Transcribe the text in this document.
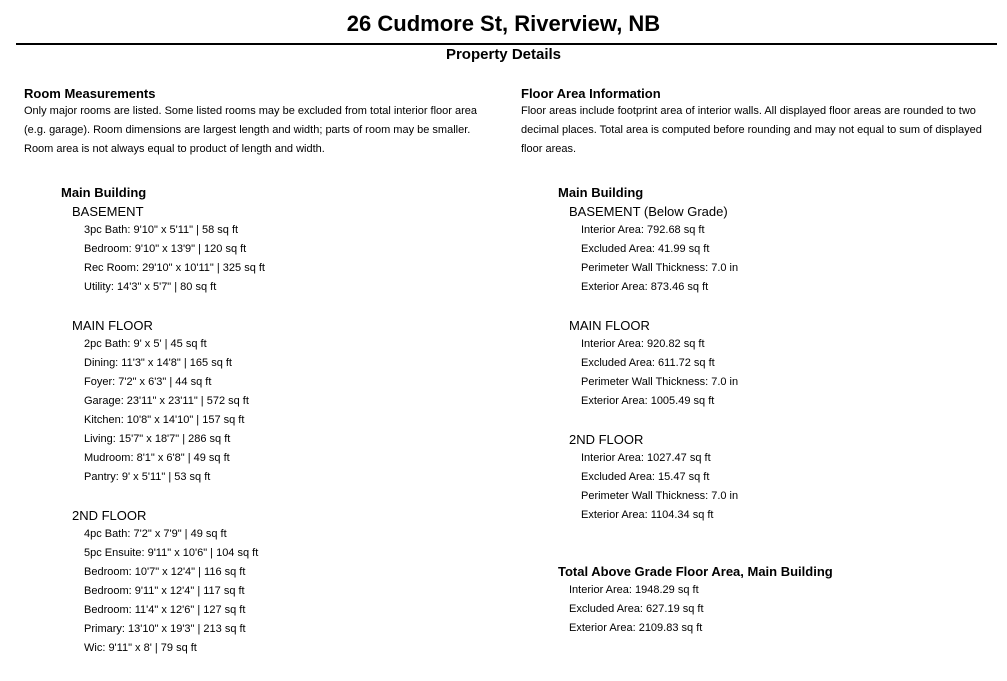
26 Cudmore St, Riverview, NB
Property Details
Room Measurements
Only major rooms are listed. Some listed rooms may be excluded from total interior floor area
(e.g. garage). Room dimensions are largest length and width; parts of room may be smaller.
Room area is not always equal to product of length and width.
Main Building
BASEMENT
3pc Bath: 9'10" x 5'11" | 58 sq ft
Bedroom: 9'10" x 13'9" | 120 sq ft
Rec Room: 29'10" x 10'11" | 325 sq ft
Utility: 14'3" x 5'7" | 80 sq ft
MAIN FLOOR
2pc Bath: 9' x 5' | 45 sq ft
Dining: 11'3" x 14'8" | 165 sq ft
Foyer: 7'2" x 6'3" | 44 sq ft
Garage: 23'11" x 23'11" | 572 sq ft
Kitchen: 10'8" x 14'10" | 157 sq ft
Living: 15'7" x 18'7" | 286 sq ft
Mudroom: 8'1" x 6'8" | 49 sq ft
Pantry: 9' x 5'11" | 53 sq ft
2ND FLOOR
4pc Bath: 7'2" x 7'9" | 49 sq ft
5pc Ensuite: 9'11" x 10'6" | 104 sq ft
Bedroom: 10'7" x 12'4" | 116 sq ft
Bedroom: 9'11" x 12'4" | 117 sq ft
Bedroom: 11'4" x 12'6" | 127 sq ft
Primary: 13'10" x 19'3" | 213 sq ft
Wic: 9'11" x 8' | 79 sq ft
Floor Area Information
Floor areas include footprint area of interior walls. All displayed floor areas are rounded to two
decimal places. Total area is computed before rounding and may not equal to sum of displayed
floor areas.
Main Building
BASEMENT (Below Grade)
Interior Area: 792.68 sq ft
Excluded Area: 41.99 sq ft
Perimeter Wall Thickness: 7.0 in
Exterior Area: 873.46 sq ft
MAIN FLOOR
Interior Area: 920.82 sq ft
Excluded Area: 611.72 sq ft
Perimeter Wall Thickness: 7.0 in
Exterior Area: 1005.49 sq ft
2ND FLOOR
Interior Area: 1027.47 sq ft
Excluded Area: 15.47 sq ft
Perimeter Wall Thickness: 7.0 in
Exterior Area: 1104.34 sq ft
Total Above Grade Floor Area, Main Building
Interior Area: 1948.29 sq ft
Excluded Area: 627.19 sq ft
Exterior Area: 2109.83 sq ft
